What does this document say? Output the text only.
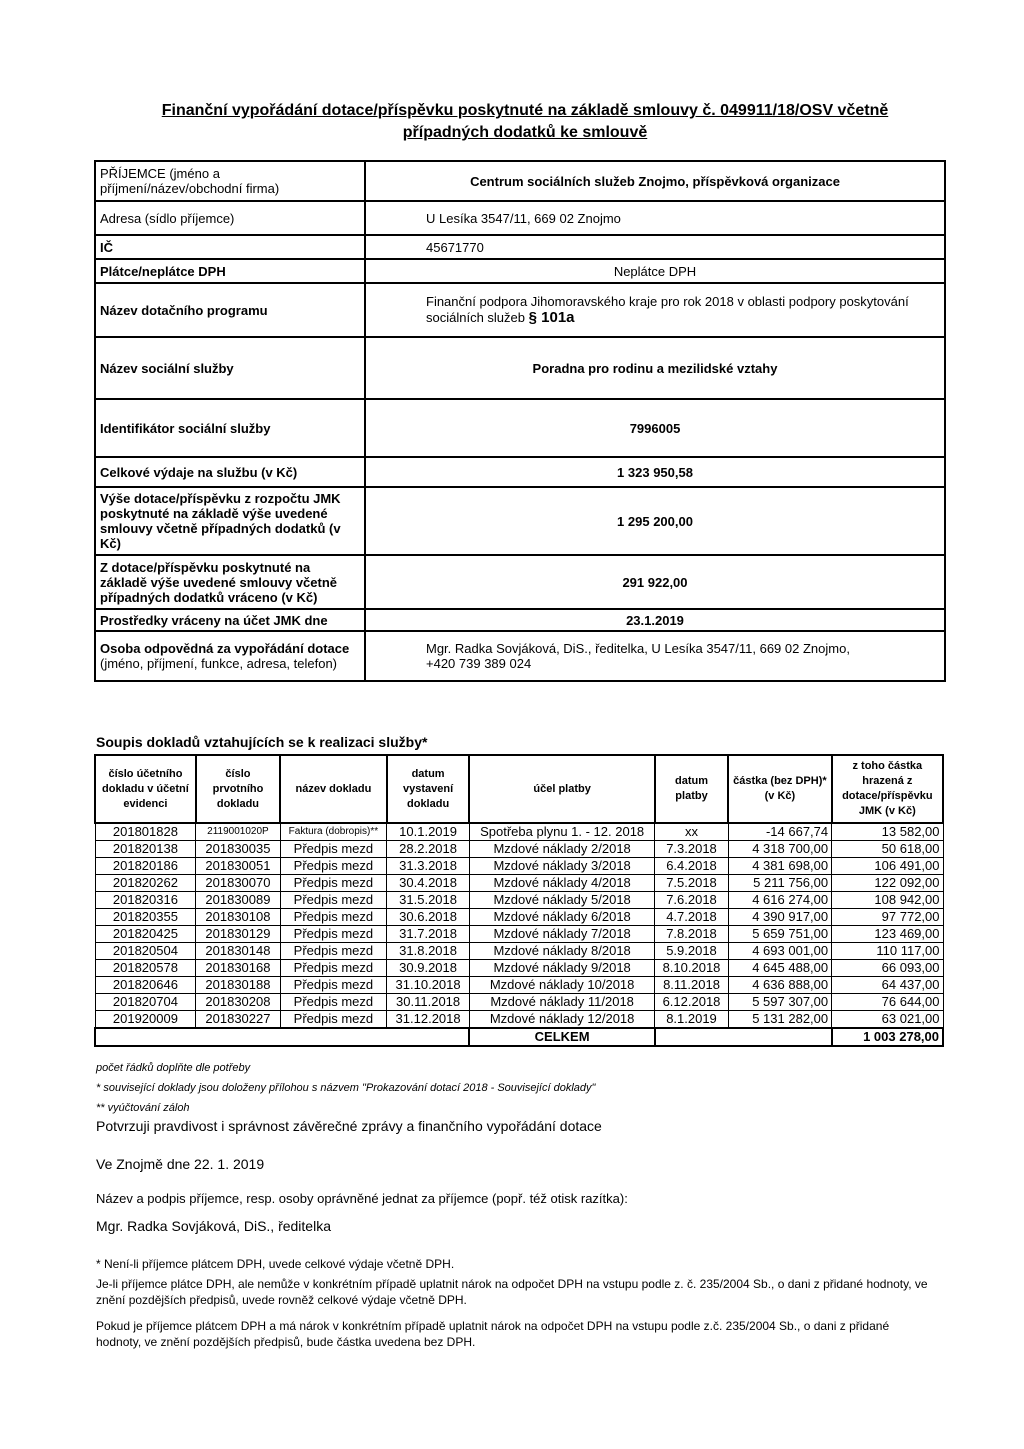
Finanční vypořádání dotace/příspěvku poskytnuté na základě smlouvy č. 049911/18/OSV včetně
případných dodatků ke smlouvě
PŘÍJEMCE (jméno a příjmení/název/obchodní firma)	Centrum sociálních služeb Znojmo, příspěvková organizace
Adresa (sídlo příjemce)	U Lesíka 3547/11, 669 02 Znojmo
IČ	45671770
Plátce/neplátce DPH	Neplátce DPH
Název dotačního programu	Finanční podpora Jihomoravského kraje pro rok 2018 v oblasti podpory poskytování sociálních služeb § 101a
Název sociální služby	Poradna pro rodinu a mezilidské vztahy
Identifikátor sociální služby	7996005
Celkové výdaje na službu (v Kč)	1 323 950,58
Výše dotace/příspěvku z rozpočtu JMK poskytnuté na základě výše uvedené smlouvy včetně případných dodatků (v Kč)	1 295 200,00
Z dotace/příspěvku poskytnuté na základě výše uvedené smlouvy včetně případných dodatků vráceno (v Kč)	291 922,00
Prostředky vráceny na účet JMK dne	23.1.2019
Osoba odpovědná za vypořádání dotace
(jméno, příjmení, funkce, adresa, telefon)	Mgr. Radka Sovjáková, DiS., ředitelka, U Lesíka 3547/11, 669 02 Znojmo,
+420 739 389 024
Soupis dokladů vztahujících se k realizaci služby*
číslo účetního dokladu v účetní evidenci	číslo prvotního dokladu	název dokladu	datum vystavení dokladu	účel platby	datum platby	částka (bez DPH)* (v Kč)	z toho částka hrazená z dotace/příspěvku JMK (v Kč)
201801828	2119001020P	Faktura (dobropis)**	10.1.2019	Spotřeba plynu 1. - 12. 2018	xx	-14 667,74	13 582,00
201820138	201830035	Předpis mezd	28.2.2018	Mzdové náklady 2/2018	7.3.2018	4 318 700,00	50 618,00
201820186	201830051	Předpis mezd	31.3.2018	Mzdové náklady 3/2018	6.4.2018	4 381 698,00	106 491,00
201820262	201830070	Předpis mezd	30.4.2018	Mzdové náklady 4/2018	7.5.2018	5 211 756,00	122 092,00
201820316	201830089	Předpis mezd	31.5.2018	Mzdové náklady 5/2018	7.6.2018	4 616 274,00	108 942,00
201820355	201830108	Předpis mezd	30.6.2018	Mzdové náklady 6/2018	4.7.2018	4 390 917,00	97 772,00
201820425	201830129	Předpis mezd	31.7.2018	Mzdové náklady 7/2018	7.8.2018	5 659 751,00	123 469,00
201820504	201830148	Předpis mezd	31.8.2018	Mzdové náklady 8/2018	5.9.2018	4 693 001,00	110 117,00
201820578	201830168	Předpis mezd	30.9.2018	Mzdové náklady 9/2018	8.10.2018	4 645 488,00	66 093,00
201820646	201830188	Předpis mezd	31.10.2018	Mzdové náklady 10/2018	8.11.2018	4 636 888,00	64 437,00
201820704	201830208	Předpis mezd	30.11.2018	Mzdové náklady 11/2018	6.12.2018	5 597 307,00	76 644,00
201920009	201830227	Předpis mezd	31.12.2018	Mzdové náklady 12/2018	8.1.2019	5 131 282,00	63 021,00
				CELKEM			1 003 278,00
počet řádků doplňte dle potřeby
* související doklady jsou doloženy přílohou s názvem "Prokazování dotací 2018 - Související doklady"
** vyúčtování záloh
Potvrzuji pravdivost i správnost závěrečné zprávy a finančního vypořádání dotace
Ve Znojmě dne 22. 1. 2019
Název a podpis příjemce, resp. osoby oprávněné jednat za příjemce (popř. též otisk razítka):
Mgr. Radka Sovjáková, DiS., ředitelka
* Není-li příjemce plátcem DPH, uvede celkové výdaje včetně DPH.
Je-li příjemce plátce DPH, ale nemůže v konkrétním případě uplatnit nárok na odpočet DPH na vstupu podle z. č. 235/2004 Sb., o dani z přidané hodnoty, ve znění pozdějších předpisů, uvede rovněž celkové výdaje včetně DPH.
Pokud je příjemce plátcem DPH a má nárok v konkrétním případě uplatnit nárok na odpočet DPH na vstupu podle z.č. 235/2004 Sb., o dani z přidané hodnoty, ve znění pozdějších předpisů, bude částka uvedena bez DPH.
